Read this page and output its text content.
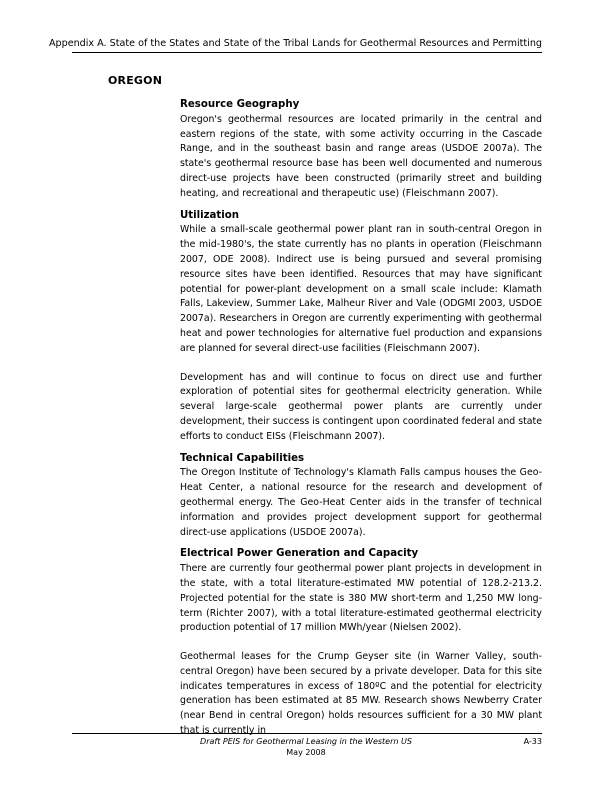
Appendix A. State of the States and State of the Tribal Lands for Geothermal Resources and Permitting
OREGON
Resource Geography

Oregon's geothermal resources are located primarily in the central and eastern regions of the state, with some activity occurring in the Cascade Range, and in the southeast basin and range areas (USDOE 2007a). The state's geothermal resource base has been well documented and numerous direct-use projects have been constructed (primarily street and building heating, and recreational and therapeutic use) (Fleischmann 2007).

Utilization

While a small-scale geothermal power plant ran in south-central Oregon in the mid-1980's, the state currently has no plants in operation (Fleischmann 2007, ODE 2008). Indirect use is being pursued and several promising resource sites have been identified. Resources that may have significant potential for power-plant development on a small scale include: Klamath Falls, Lakeview, Summer Lake, Malheur River and Vale (ODGMI 2003, USDOE 2007a). Researchers in Oregon are currently experimenting with geothermal heat and power technologies for alternative fuel production and expansions are planned for several direct-use facilities (Fleischmann 2007).

Development has and will continue to focus on direct use and further exploration of potential sites for geothermal electricity generation. While several large-scale geothermal power plants are currently under development, their success is contingent upon coordinated federal and state efforts to conduct EISs (Fleischmann 2007).

Technical Capabilities

The Oregon Institute of Technology's Klamath Falls campus houses the Geo-Heat Center, a national resource for the research and development of geothermal energy. The Geo-Heat Center aids in the transfer of technical information and provides project development support for geothermal direct-use applications (USDOE 2007a).

Electrical Power Generation and Capacity

There are currently four geothermal power plant projects in development in the state, with a total literature-estimated MW potential of 128.2-213.2. Projected potential for the state is 380 MW short-term and 1,250 MW long-term (Richter 2007), with a total literature-estimated geothermal electricity production potential of 17 million MWh/year (Nielsen 2002).

Geothermal leases for the Crump Geyser site (in Warner Valley, south-central Oregon) have been secured by a private developer. Data for this site indicates temperatures in excess of 180ºC and the potential for electricity generation has been estimated at 85 MW. Research shows Newberry Crater (near Bend in central Oregon) holds resources sufficient for a 30 MW plant that is currently in

Draft PEIS for Geothermal Leasing in the Western US	A-33
May 2008
